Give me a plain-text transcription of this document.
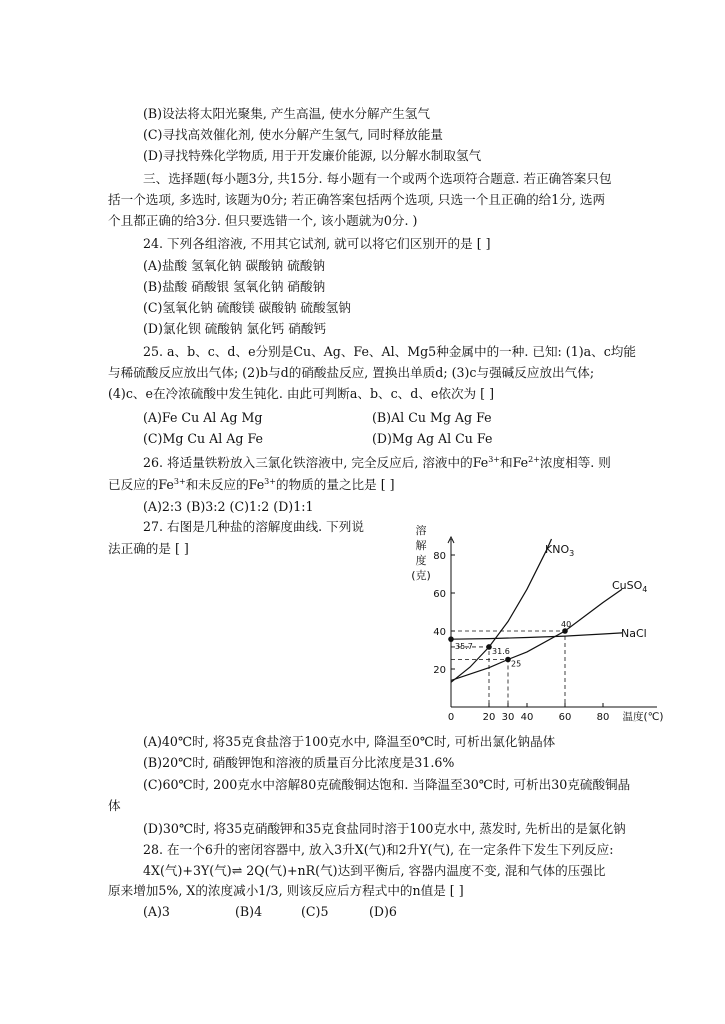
(B)设法将太阳光聚集, 产生高温, 使水分解产生氢气
(C)寻找高效催化剂, 使水分解产生氢气, 同时释放能量
(D)寻找特殊化学物质, 用于开发廉价能源, 以分解水制取氢气
三、选择题(每小题3分, 共15分. 每小题有一个或两个选项符合题意. 若正确答案只包
括一个选项, 多选时, 该题为0分; 若正确答案包括两个选项, 只选一个且正确的给1分, 选两
个且都正确的给3分. 但只要选错一个, 该小题就为0分. )
24. 下列各组溶液, 不用其它试剂, 就可以将它们区别开的是 [ ]
(A)盐酸 氢氧化钠 碳酸钠 硫酸钠
(B)盐酸 硝酸银 氢氧化钠 硝酸钠
(C)氢氧化钠 硫酸镁 碳酸钠 硫酸氢钠
(D)氯化钡 硫酸钠 氯化钙 硝酸钙
25. a、b、c、d、e分别是Cu、Ag、Fe、Al、Mg5种金属中的一种. 已知: (1)a、c均能
与稀硫酸反应放出气体; (2)b与d的硝酸盐反应, 置换出单质d; (3)c与强碱反应放出气体;
(4)c、e在冷浓硫酸中发生钝化. 由此可判断a、b、c、d、e依次为 [ ]
(A)Fe Cu Al Ag Mg	(B)Al Cu Mg Ag Fe
(C)Mg Cu Al Ag Fe	(D)Mg Ag Al Cu Fe
26. 将适量铁粉放入三氯化铁溶液中, 完全反应后, 溶液中的$Fe^{3+}$和$Fe^{2+}$浓度相等. 则
已反应的$Fe^{3+}$和未反应的$Fe^{3+}$的物质的量之比是 [ ]
(A)2:3 (B)3:2 (C)1:2 (D)1:1
27. 右图是几种盐的溶解度曲线. 下列说
法正确的是 [ ]
0	20 30 40	60	80
20
40
60
80
溶
解
度
(克)
温度(℃)
$KNO_3$
CuSO$_4$
NaCl
35.7
31.6
25
40
(A)40℃时, 将35克食盐溶于100克水中, 降温至0℃时, 可析出氯化钠晶体
(B)20℃时, 硝酸钾饱和溶液的质量百分比浓度是31.6%
(C)60℃时, 200克水中溶解80克硫酸铜达饱和. 当降温至30℃时, 可析出30克硫酸铜晶
体
(D)30℃时, 将35克硝酸钾和35克食盐同时溶于100克水中, 蒸发时, 先析出的是氯化钠
28. 在一个6升的密闭容器中, 放入3升X(气)和2升Y(气), 在一定条件下发生下列反应:
4X(气)+3Y(气)⇌ 2Q(气)+nR(气)达到平衡后, 容器内温度不变, 混和气体的压强比
原来增加5%, X的浓度减小1/3, 则该反应后方程式中的n值是 [ ]
(A)3	(B)4	(C)5	(D)6
